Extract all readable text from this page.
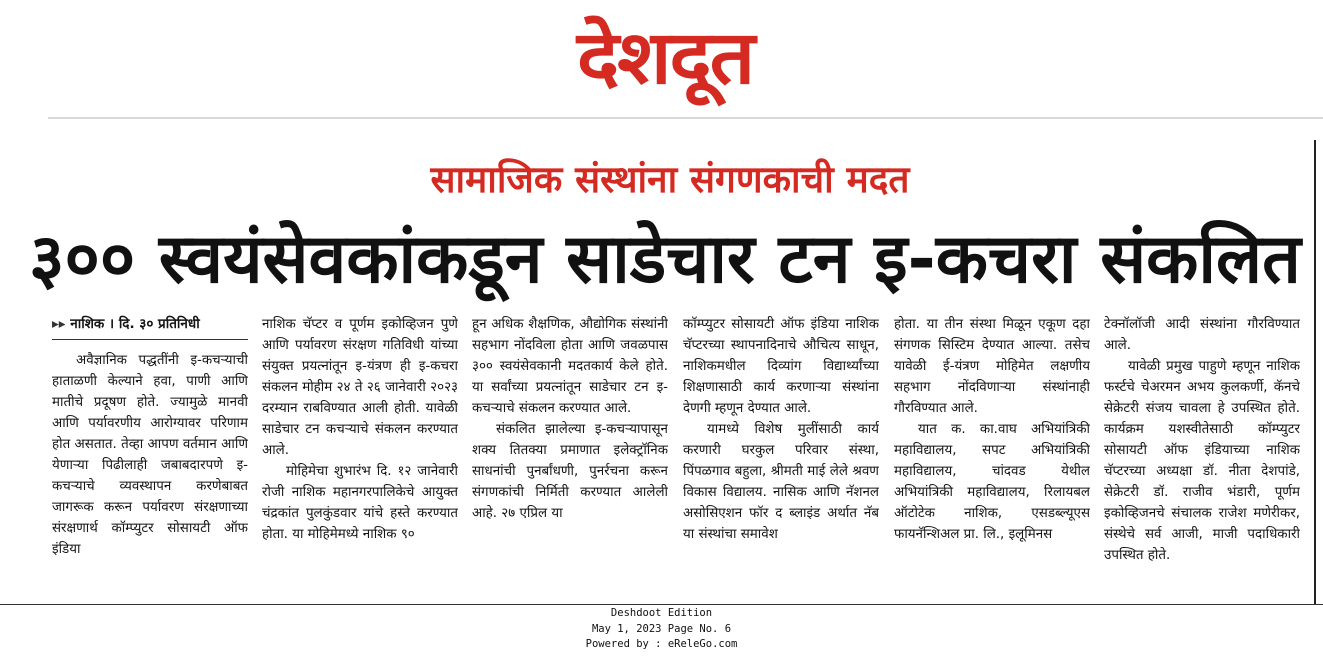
देशदूत
सामाजिक संस्थांना संगणकाची मदत
३०० स्वयंसेवकांकडून साडेचार टन इ-कचरा संकलित

▸▸ नाशिक । दि. ३० प्रतिनिधी

अवैज्ञानिक पद्धतींनी इ-कचऱ्याची हाताळणी केल्याने हवा, पाणी आणि मातीचे प्रदूषण होते. ज्यामुळे मानवी आणि पर्यावरणीय आरोग्यावर परिणाम होत असतात. तेव्हा आपण वर्तमान आणि येणाऱ्या पिढीलाही जबाबदारपणे इ-कचऱ्याचे व्यवस्थापन करणेबाबत जागरूक करून पर्यावरण संरक्षणाच्या संरक्षणार्थ कॉम्प्युटर सोसायटी ऑफ इंडिया

नाशिक चॅप्टर व पूर्णम इकोव्हिजन पुणे आणि पर्यावरण संरक्षण गतिविधी यांच्या संयुक्त प्रयत्नांतून इ-यंत्रण ही इ-कचरा संकलन मोहीम २४ ते २६ जानेवारी २०२३ दरम्यान राबविण्यात आली होती. यावेळी साडेचार टन कचऱ्याचे संकलन करण्यात आले.

मोहिमेचा शुभारंभ दि. १२ जानेवारी रोजी नाशिक महानगरपालिकेचे आयुक्त चंद्रकांत पुलकुंडवार यांचे हस्ते करण्यात होता. या मोहिमेमध्ये नाशिक ९०

हून अधिक शैक्षणिक, औद्योगिक संस्थांनी सहभाग नोंदविला होता आणि जवळपास ३०० स्वयंसेवकानी मदतकार्य केले होते. या सर्वांच्या प्रयत्नांतून साडेचार टन इ-कचऱ्याचे संकलन करण्यात आले.

संकलित झालेल्या इ-कचऱ्यापासून शक्य तितक्या प्रमाणात इलेक्ट्रॉनिक साधनांची पुनर्बांधणी, पुनर्रचना करून संगणकांची निर्मिती करण्यात आलेली आहे. २७ एप्रिल या

कॉम्प्युटर सोसायटी ऑफ इंडिया नाशिक चॅप्टरच्या स्थापनादिनाचे औचित्य साधून, नाशिकमधील दिव्यांग विद्यार्थ्यांच्या शिक्षणासाठी कार्य करणाऱ्या संस्थांना देणगी म्हणून देण्यात आले.

यामध्ये विशेष मुलींसाठी कार्य करणारी घरकुल परिवार संस्था, पिंपळगाव बहुला, श्रीमती माई लेले श्रवण विकास विद्यालय. नासिक आणि नॅशनल असोसिएशन फॉर द ब्लाइंड अर्थात नॅब या संस्थांचा समावेश

होता. या तीन संस्था मिळून एकूण दहा संगणक सिस्टिम देण्यात आल्या. तसेच यावेळी ई-यंत्रण मोहिमेत लक्षणीय सहभाग नोंदविणाऱ्या संस्थांनाही गौरविण्यात आले.

यात क. का.वाघ अभियांत्रिकी महाविद्यालय, सपट अभियांत्रिकी महाविद्यालय, चांदवड येथील अभियांत्रिकी महाविद्यालय, रिलायबल ऑटोटेक नाशिक, एसडब्ल्यूएस फायनॅन्शिअल प्रा. लि., इलूमिनस

टेक्नॉलॉजी आदी संस्थांना गौरविण्यात आले.

यावेळी प्रमुख पाहुणे म्हणून नाशिक फर्स्टचे चेअरमन अभय कुलकर्णी, कॅनचे सेक्रेटरी संजय चावला हे उपस्थित होते. कार्यक्रम यशस्वीतेसाठी कॉम्प्युटर सोसायटी ऑफ इंडियाच्या नाशिक चॅप्टरच्या अध्यक्षा डॉ. नीता देशपांडे, सेक्रेटरी डॉ. राजीव भंडारी, पूर्णम इकोव्हिजनचे संचालक राजेश मणेरीकर, संस्थेचे सर्व आजी, माजी पदाधिकारी उपस्थित होते.

Deshdoot Edition
May 1, 2023 Page No. 6
Powered by : eReleGo.com
